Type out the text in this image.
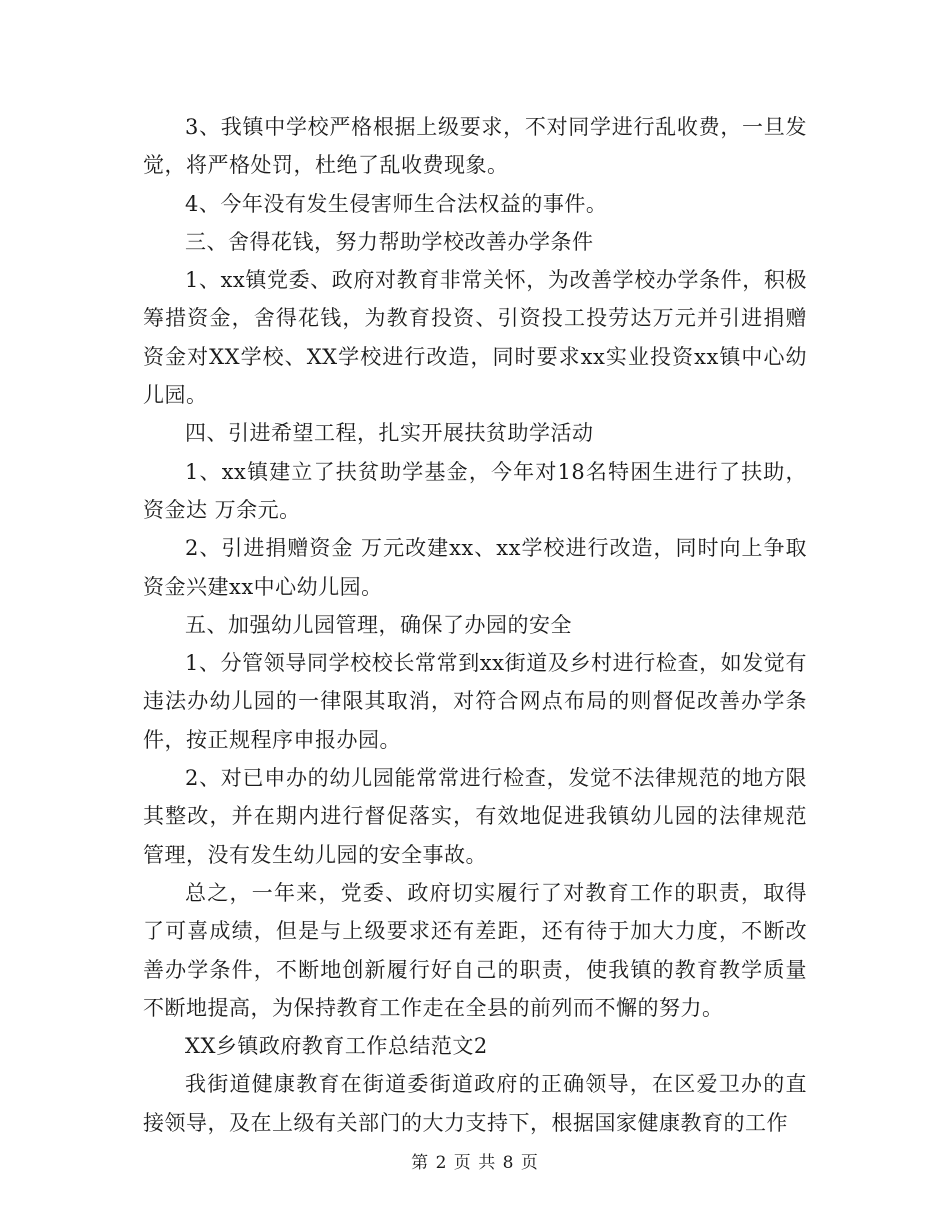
3、我镇中学校严格根据上级要求，不对同学进行乱收费，一旦发觉，将严格处罚，杜绝了乱收费现象。

4、今年没有发生侵害师生合法权益的事件。

三、舍得花钱，努力帮助学校改善办学条件

1、xx镇党委、政府对教育非常关怀，为改善学校办学条件，积极筹措资金，舍得花钱，为教育投资、引资投工投劳达万元并引进捐赠资金对XX学校、XX学校进行改造，同时要求xx实业投资xx镇中心幼儿园。

四、引进希望工程，扎实开展扶贫助学活动

1、xx镇建立了扶贫助学基金，今年对18名特困生进行了扶助，资金达 万余元。

2、引进捐赠资金 万元改建xx、xx学校进行改造，同时向上争取资金兴建xx中心幼儿园。

五、加强幼儿园管理，确保了办园的安全

1、分管领导同学校校长常常到xx街道及乡村进行检查，如发觉有违法办幼儿园的一律限其取消，对符合网点布局的则督促改善办学条件，按正规程序申报办园。

2、对已申办的幼儿园能常常进行检查，发觉不法律规范的地方限其整改，并在期内进行督促落实，有效地促进我镇幼儿园的法律规范管理，没有发生幼儿园的安全事故。

总之，一年来，党委、政府切实履行了对教育工作的职责，取得了可喜成绩，但是与上级要求还有差距，还有待于加大力度，不断改善办学条件，不断地创新履行好自己的职责，使我镇的教育教学质量不断地提高，为保持教育工作走在全县的前列而不懈的努力。

XX乡镇政府教育工作总结范文2

我街道健康教育在街道委街道政府的正确领导，在区爱卫办的直接领导，及在上级有关部门的大力支持下，根据国家健康教育的工作

第 2 页 共 8 页
